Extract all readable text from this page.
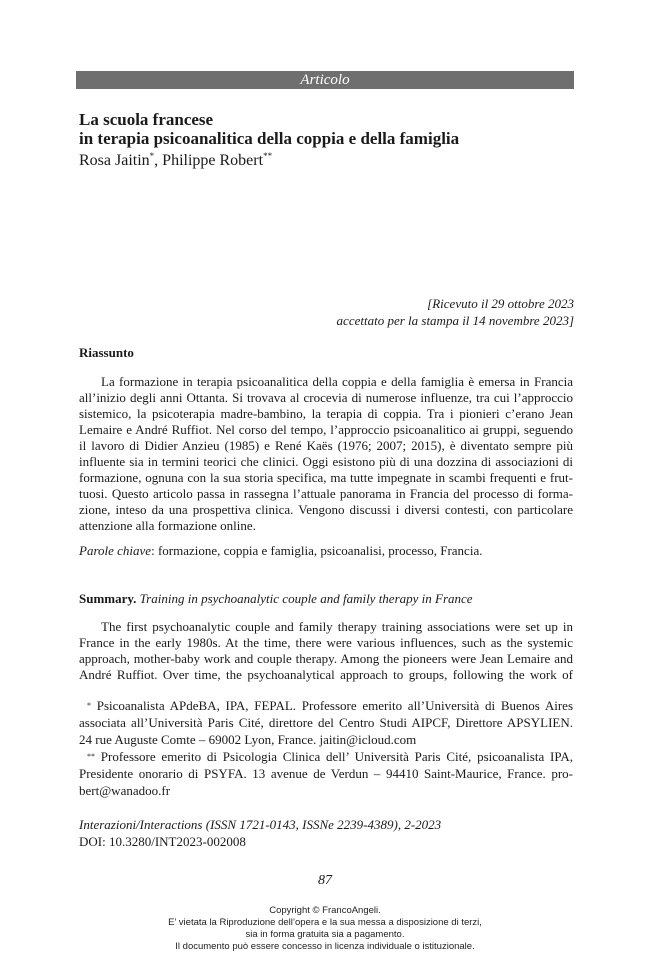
Articolo
La scuola francese
in terapia psicoanalitica della coppia e della famiglia
Rosa Jaitin*, Philippe Robert**
[Ricevuto il 29 ottobre 2023
accettato per la stampa il 14 novembre 2023]
Riassunto
La formazione in terapia psicoanalitica della coppia e della famiglia è emersa in Francia
all’inizio degli anni Ottanta. Si trovava al crocevia di numerose influenze, tra cui l’approccio
sistemico, la psicoterapia madre-bambino, la terapia di coppia. Tra i pionieri c’erano Jean
Lemaire e André Ruffiot. Nel corso del tempo, l’approccio psicoanalitico ai gruppi, seguendo
il lavoro di Didier Anzieu (1985) e René Kaës (1976; 2007; 2015), è diventato sempre più
influente sia in termini teorici che clinici. Oggi esistono più di una dozzina di associazioni di
formazione, ognuna con la sua storia specifica, ma tutte impegnate in scambi frequenti e frut-
tuosi. Questo articolo passa in rassegna l’attuale panorama in Francia del processo di forma-
zione, inteso da una prospettiva clinica. Vengono discussi i diversi contesti, con particolare
attenzione alla formazione online.
Parole chiave: formazione, coppia e famiglia, psicoanalisi, processo, Francia.
Summary. Training in psychoanalytic couple and family therapy in France
The first psychoanalytic couple and family therapy training associations were set up in
France in the early 1980s. At the time, there were various influences, such as the systemic
approach, mother-baby work and couple therapy. Among the pioneers were Jean Lemaire and
André Ruffiot. Over time, the psychoanalytical approach to groups, following the work of
* Psicoanalista APdeBA, IPA, FEPAL. Professore emerito all’Università di Buenos Aires
associata all’Università Paris Cité, direttore del Centro Studi AIPCF, Direttore APSYLIEN.
24 rue Auguste Comte – 69002 Lyon, France. jaitin@icloud.com
** Professore emerito di Psicologia Clinica dell’ Università Paris Cité, psicoanalista IPA,
Presidente onorario di PSYFA. 13 avenue de Verdun – 94410 Saint-Maurice, France. pro-
bert@wanadoo.fr
Interazioni/Interactions (ISSN 1721-0143, ISSNe 2239-4389), 2-2023
DOI: 10.3280/INT2023-002008
87
Copyright © FrancoAngeli.
E’ vietata la Riproduzione dell’opera e la sua messa a disposizione di terzi,
sia in forma gratuita sia a pagamento.
Il documento può essere concesso in licenza individuale o istituzionale.
